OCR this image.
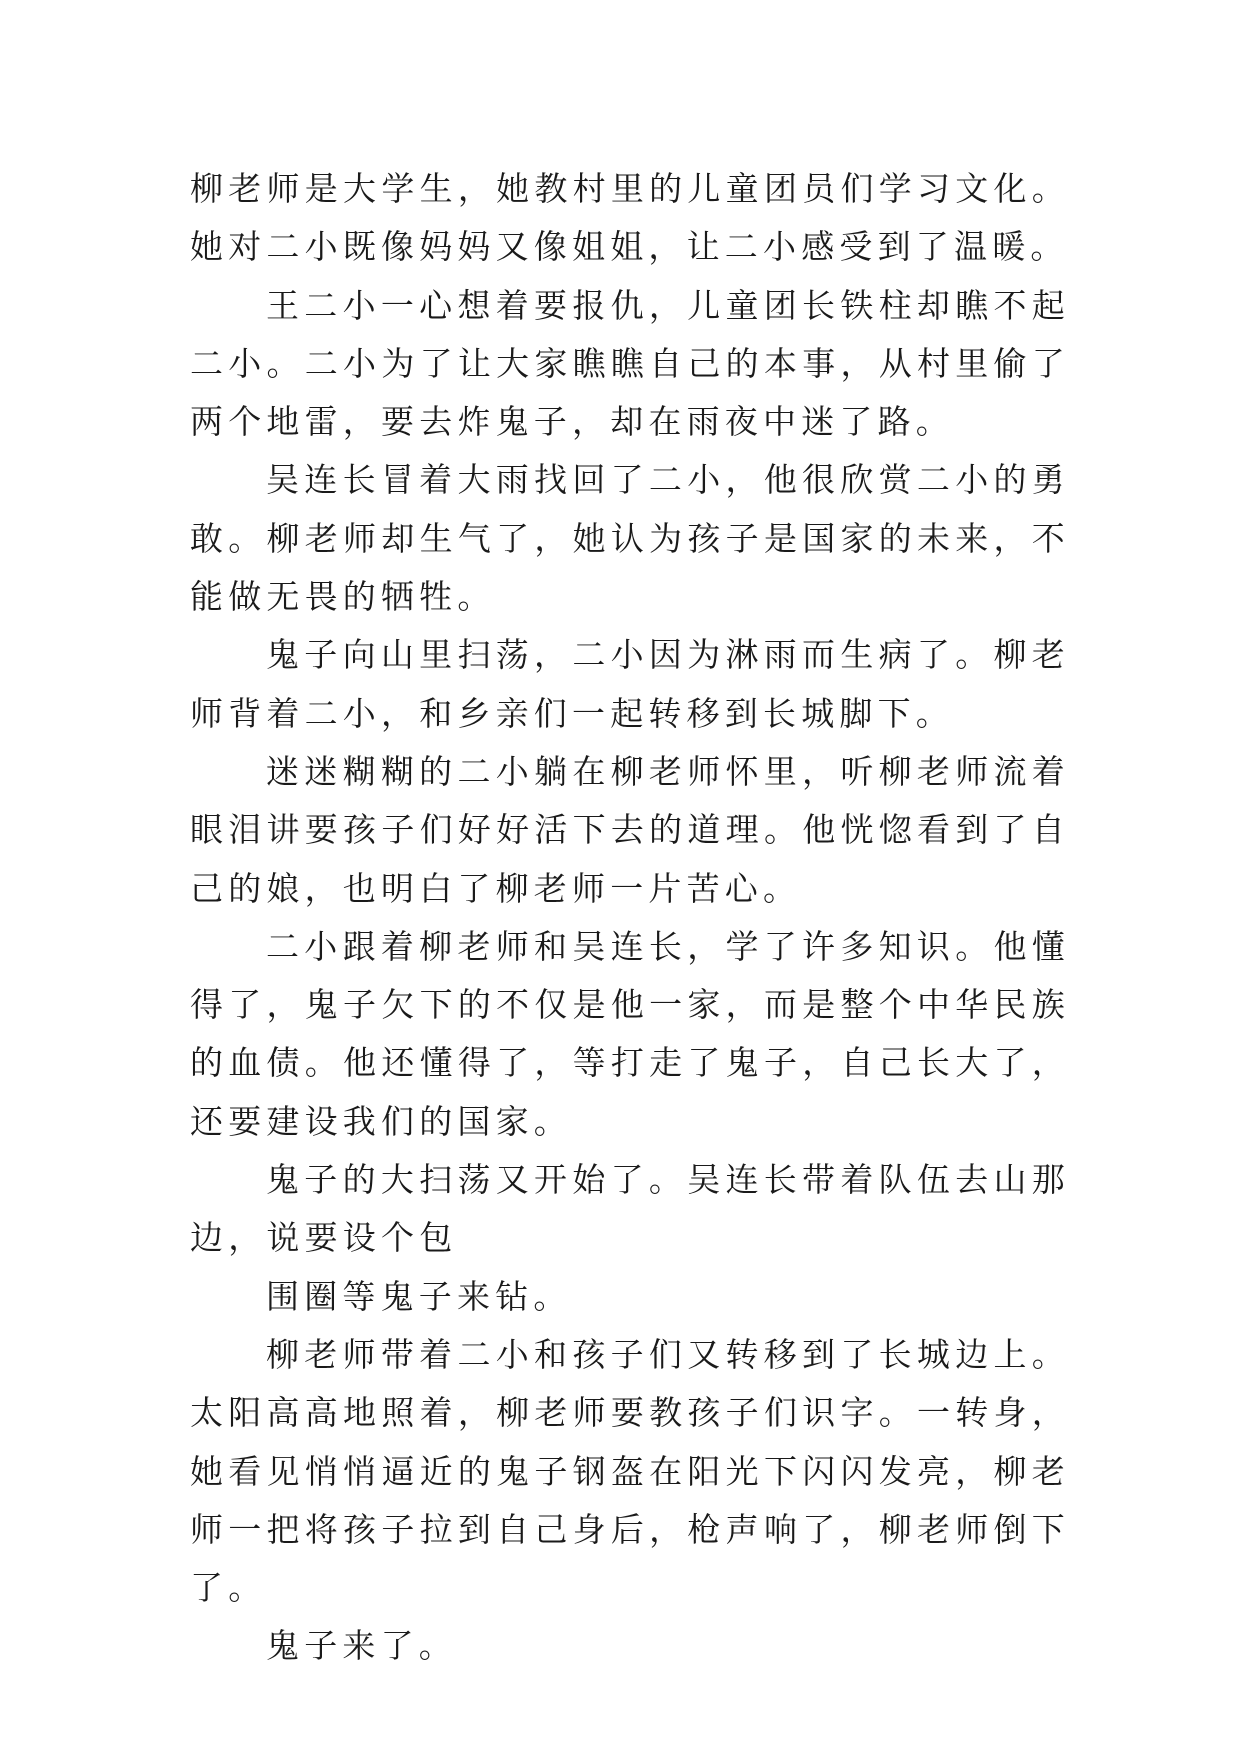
柳老师是大学生，她教村里的儿童团员们学习文化。她对二小既像妈妈又像姐姐，让二小感受到了温暖。

王二小一心想着要报仇，儿童团长铁柱却瞧不起二小。二小为了让大家瞧瞧自己的本事，从村里偷了两个地雷，要去炸鬼子，却在雨夜中迷了路。

吴连长冒着大雨找回了二小，他很欣赏二小的勇敢。柳老师却生气了，她认为孩子是国家的未来，不能做无畏的牺牲。

鬼子向山里扫荡，二小因为淋雨而生病了。柳老师背着二小，和乡亲们一起转移到长城脚下。

迷迷糊糊的二小躺在柳老师怀里，听柳老师流着眼泪讲要孩子们好好活下去的道理。他恍惚看到了自己的娘，也明白了柳老师一片苦心。

二小跟着柳老师和吴连长，学了许多知识。他懂得了，鬼子欠下的不仅是他一家，而是整个中华民族的血债。他还懂得了，等打走了鬼子，自己长大了，还要建设我们的国家。

鬼子的大扫荡又开始了。吴连长带着队伍去山那边，说要设个包

围圈等鬼子来钻。

柳老师带着二小和孩子们又转移到了长城边上。太阳高高地照着，柳老师要教孩子们识字。一转身，她看见悄悄逼近的鬼子钢盔在阳光下闪闪发亮，柳老师一把将孩子拉到自己身后，枪声响了，柳老师倒下了。

鬼子来了。
